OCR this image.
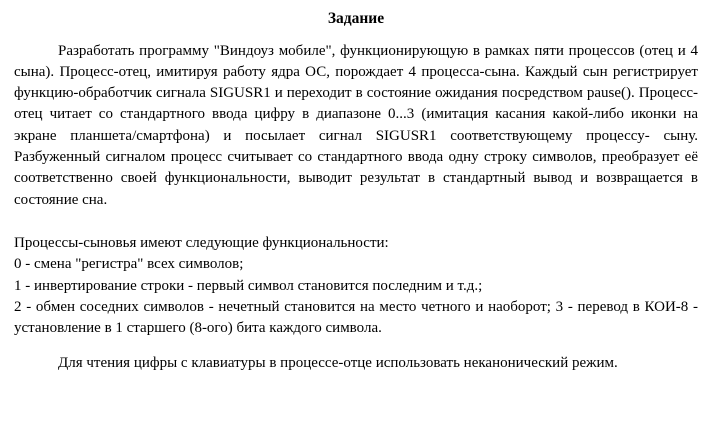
Задание

Разработать программу "Виндоуз мобиле", функционирующую в рамках пяти процессов (отец и 4 сына). Процесс-отец, имитируя работу ядра ОС, порождает 4 процесса-сына. Каждый сын регистрирует функцию-обработчик сигнала SIGUSR1 и переходит в состояние ожидания посредством pause(). Процесс-отец читает со стандартного ввода цифру в диапазоне 0...3 (имитация касания какой-либо иконки на экране планшета/смартфона) и посылает сигнал SIGUSR1 соответствующему процессу- сыну. Разбуженный сигналом процесс считывает со стандартного ввода одну строку символов, преобразует её соответственно своей функциональности, выводит результат в стандартный вывод и возвращается в состояние сна.

Процессы-сыновья имеют следующие функциональности:

0 - смена "регистра" всех символов;

1 - инвертирование строки - первый символ становится последним и т.д.;

2 - обмен соседних символов - нечетный становится на место четного и наоборот; 3 - перевод в КОИ-8 - установление в 1 старшего (8-ого) бита каждого символа.

Для чтения цифры с клавиатуры в процессе-отце использовать неканонический режим.
